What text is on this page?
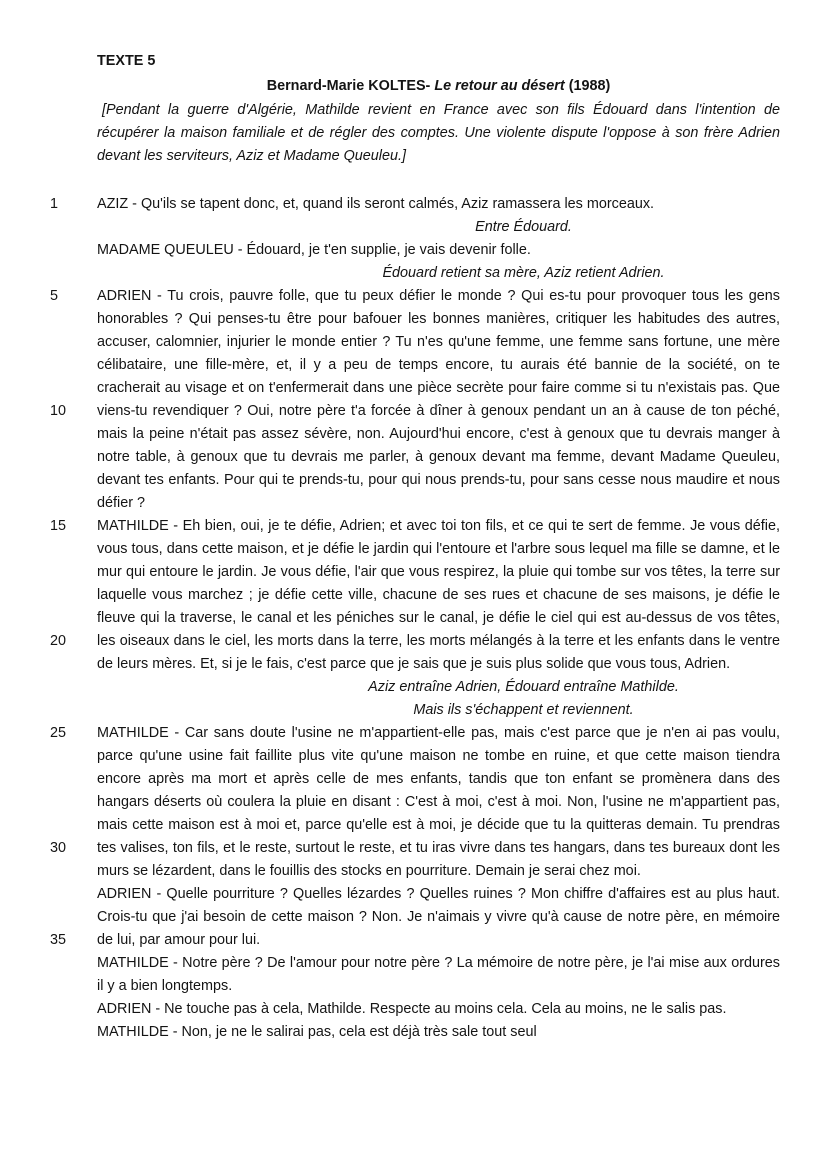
TEXTE 5
Bernard-Marie KOLTES- Le retour au désert (1988)

[Pendant la guerre d'Algérie, Mathilde revient en France avec son fils Édouard dans l'intention de récupérer la maison familiale et de régler des comptes. Une violente dispute l'oppose à son frère Adrien devant les serviteurs, Aziz et Madame Queuleu.]

1	AZIZ - Qu'ils se tapent donc, et, quand ils seront calmés, Aziz ramassera les morceaux.

Entre Édouard.

MADAME QUEULEU - Édouard, je t'en supplie, je vais devenir folle.

Édouard retient sa mère, Aziz retient Adrien.

5
10
ADRIEN - Tu crois, pauvre folle, que tu peux défier le monde ? Qui es-tu pour provoquer tous les gens honorables ? Qui penses-tu être pour bafouer les bonnes manières, critiquer les habitudes des autres, accuser, calomnier, injurier le monde entier ? Tu n'es qu'une femme, une femme sans fortune, une mère célibataire, une fille-mère, et, il y a peu de temps encore, tu aurais été bannie de la société, on te cracherait au visage et on t'enfermerait dans une pièce secrète pour faire comme si tu n'existais pas. Que viens-tu revendiquer ? Oui, notre père t'a forcée à dîner à genoux pendant un an à cause de ton péché, mais la peine n'était pas assez sévère, non. Aujourd'hui encore, c'est à genoux que tu devrais manger à notre table, à genoux que tu devrais me parler, à genoux devant ma femme, devant Madame Queuleu, devant tes enfants. Pour qui te prends-tu, pour qui nous prends-tu, pour sans cesse nous maudire et nous défier ?

15
20
MATHILDE - Eh bien, oui, je te défie, Adrien; et avec toi ton fils, et ce qui te sert de femme. Je vous défie, vous tous, dans cette maison, et je défie le jardin qui l'entoure et l'arbre sous lequel ma fille se damne, et le mur qui entoure le jardin. Je vous défie, l'air que vous respirez, la pluie qui tombe sur vos têtes, la terre sur laquelle vous marchez ; je défie cette ville, chacune de ses rues et chacune de ses maisons, je défie le fleuve qui la traverse, le canal et les péniches sur le canal, je défie le ciel qui est au-dessus de vos têtes, les oiseaux dans le ciel, les morts dans la terre, les morts mélangés à la terre et les enfants dans le ventre de leurs mères. Et, si je le fais, c'est parce que je sais que je suis plus solide que vous tous, Adrien.

Aziz entraîne Adrien, Édouard entraîne Mathilde.

Mais ils s'échappent et reviennent.

25
30
MATHILDE - Car sans doute l'usine ne m'appartient-elle pas, mais c'est parce que je n'en ai pas voulu, parce qu'une usine fait faillite plus vite qu'une maison ne tombe en ruine, et que cette maison tiendra encore après ma mort et après celle de mes enfants, tandis que ton enfant se promènera dans des hangars déserts où coulera la pluie en disant : C'est à moi, c'est à moi. Non, l'usine ne m'appartient pas, mais cette maison est à moi et, parce qu'elle est à moi, je décide que tu la quitteras demain. Tu prendras tes valises, ton fils, et le reste, surtout le reste, et tu iras vivre dans tes hangars, dans tes bureaux dont les murs se lézardent, dans le fouillis des stocks en pourriture. Demain je serai chez moi.

35
ADRIEN - Quelle pourriture ? Quelles lézardes ? Quelles ruines ? Mon chiffre d'affaires est au plus haut. Crois-tu que j'ai besoin de cette maison ? Non. Je n'aimais y vivre qu'à cause de notre père, en mémoire de lui, par amour pour lui.

MATHILDE - Notre père ? De l'amour pour notre père ? La mémoire de notre père, je l'ai mise aux ordures il y a bien longtemps.

ADRIEN - Ne touche pas à cela, Mathilde. Respecte au moins cela. Cela au moins, ne le salis pas.

MATHILDE - Non, je ne le salirai pas, cela est déjà très sale tout seul
